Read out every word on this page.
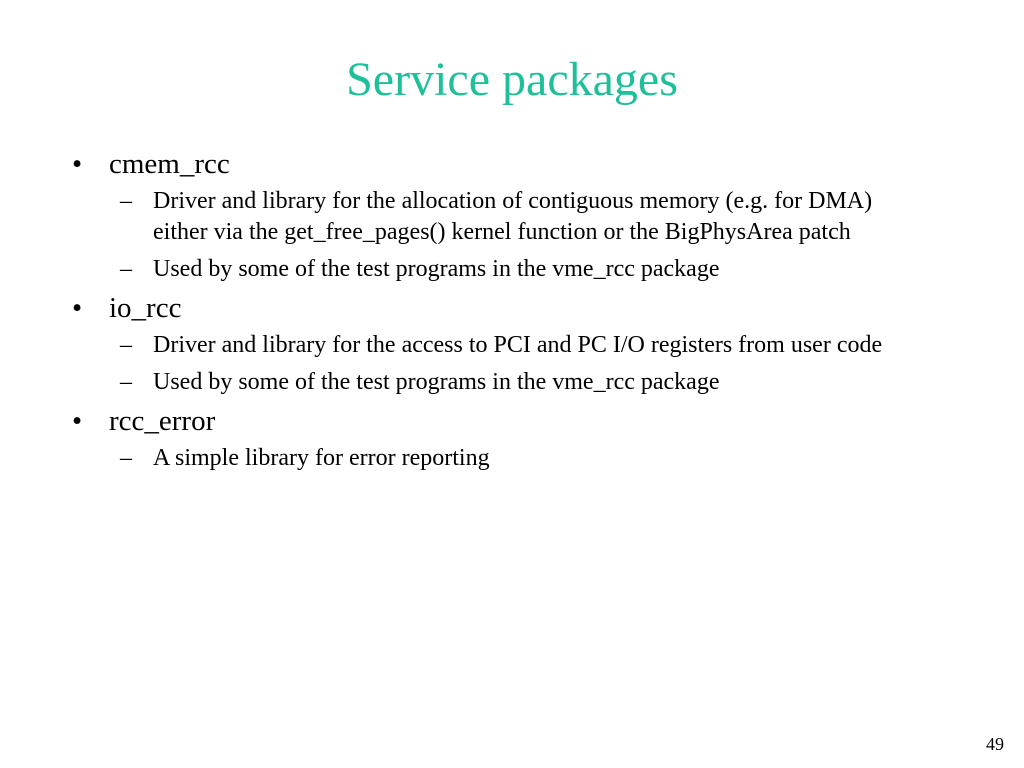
Service packages
• cmem_rcc
– Driver and library for the allocation of contiguous memory (e.g. for DMA) either via the get_free_pages() kernel function or the BigPhysArea patch
– Used by some of the test programs in the vme_rcc package
• io_rcc
– Driver and library for the access to PCI and PC I/O registers from user code
– Used by some of the test programs in the vme_rcc package
• rcc_error
– A simple library for error reporting
49
